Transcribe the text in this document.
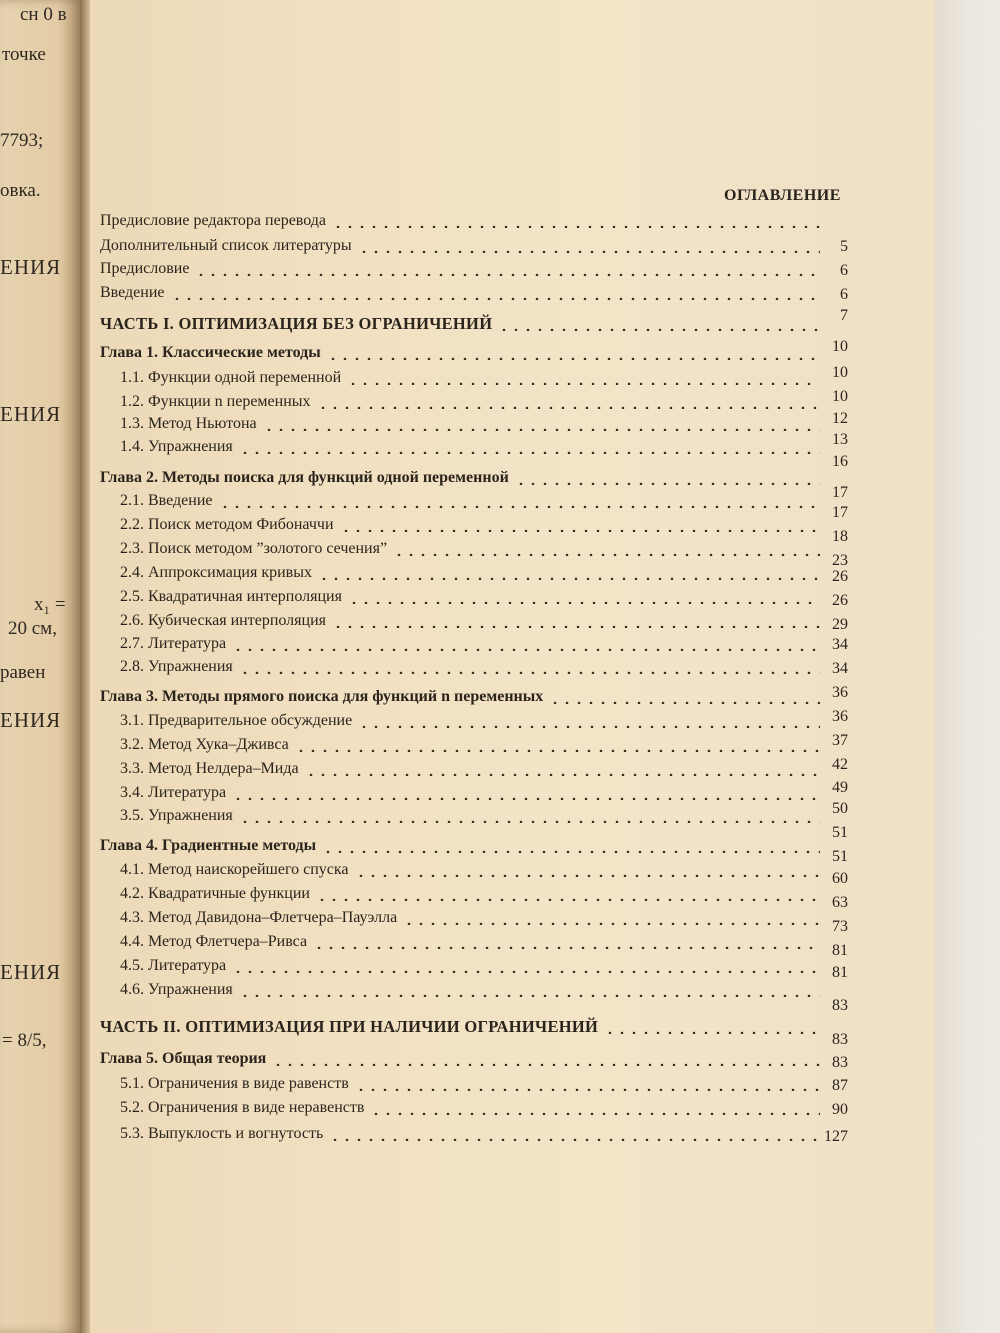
сн 0 в
точке
7793;
овка.
ЕНИЯ
ЕНИЯ
x₁ =
20 см,
равен
ЕНИЯ
ЕНИЯ
= 8/5,
ОГЛАВЛЕНИЕ
Предисловие редактора перевода
Дополнительный список литературы
Предисловие
Введение
ЧАСТЬ I. ОПТИМИЗАЦИЯ БЕЗ ОГРАНИЧЕНИЙ
Глава 1. Классические методы
1.1. Функции одной переменной
1.2. Функции n переменных
1.3. Метод Ньютона
1.4. Упражнения
Глава 2. Методы поиска для функций одной переменной
2.1. Введение
2.2. Поиск методом Фибоначчи
2.3. Поиск методом ”золотого сечения”
2.4. Аппроксимация кривых
2.5. Квадратичная интерполяция
2.6. Кубическая интерполяция
2.7. Литература
2.8. Упражнения
Глава 3. Методы прямого поиска для функций n переменных
3.1. Предварительное обсуждение
3.2. Метод Хука–Дживса
3.3. Метод Нелдера–Мида
3.4. Литература
3.5. Упражнения
Глава 4. Градиентные методы
4.1. Метод наискорейшего спуска
4.2. Квадратичные функции
4.3. Метод Давидона–Флетчера–Пауэлла
4.4. Метод Флетчера–Ривса
4.5. Литература
4.6. Упражнения
ЧАСТЬ II. ОПТИМИЗАЦИЯ ПРИ НАЛИЧИИ ОГРАНИЧЕНИЙ
Глава 5. Общая теория
5.1. Ограничения в виде равенств
5.2. Ограничения в виде неравенств
5.3. Выпуклость и вогнутость
5
6
6
7
10
10
10
12
13
16
17
17
18
23
26
26
29
34
34
36
36
37
42
49
50
51
51
60
63
73
81
81
83
83
83
87
90
127
